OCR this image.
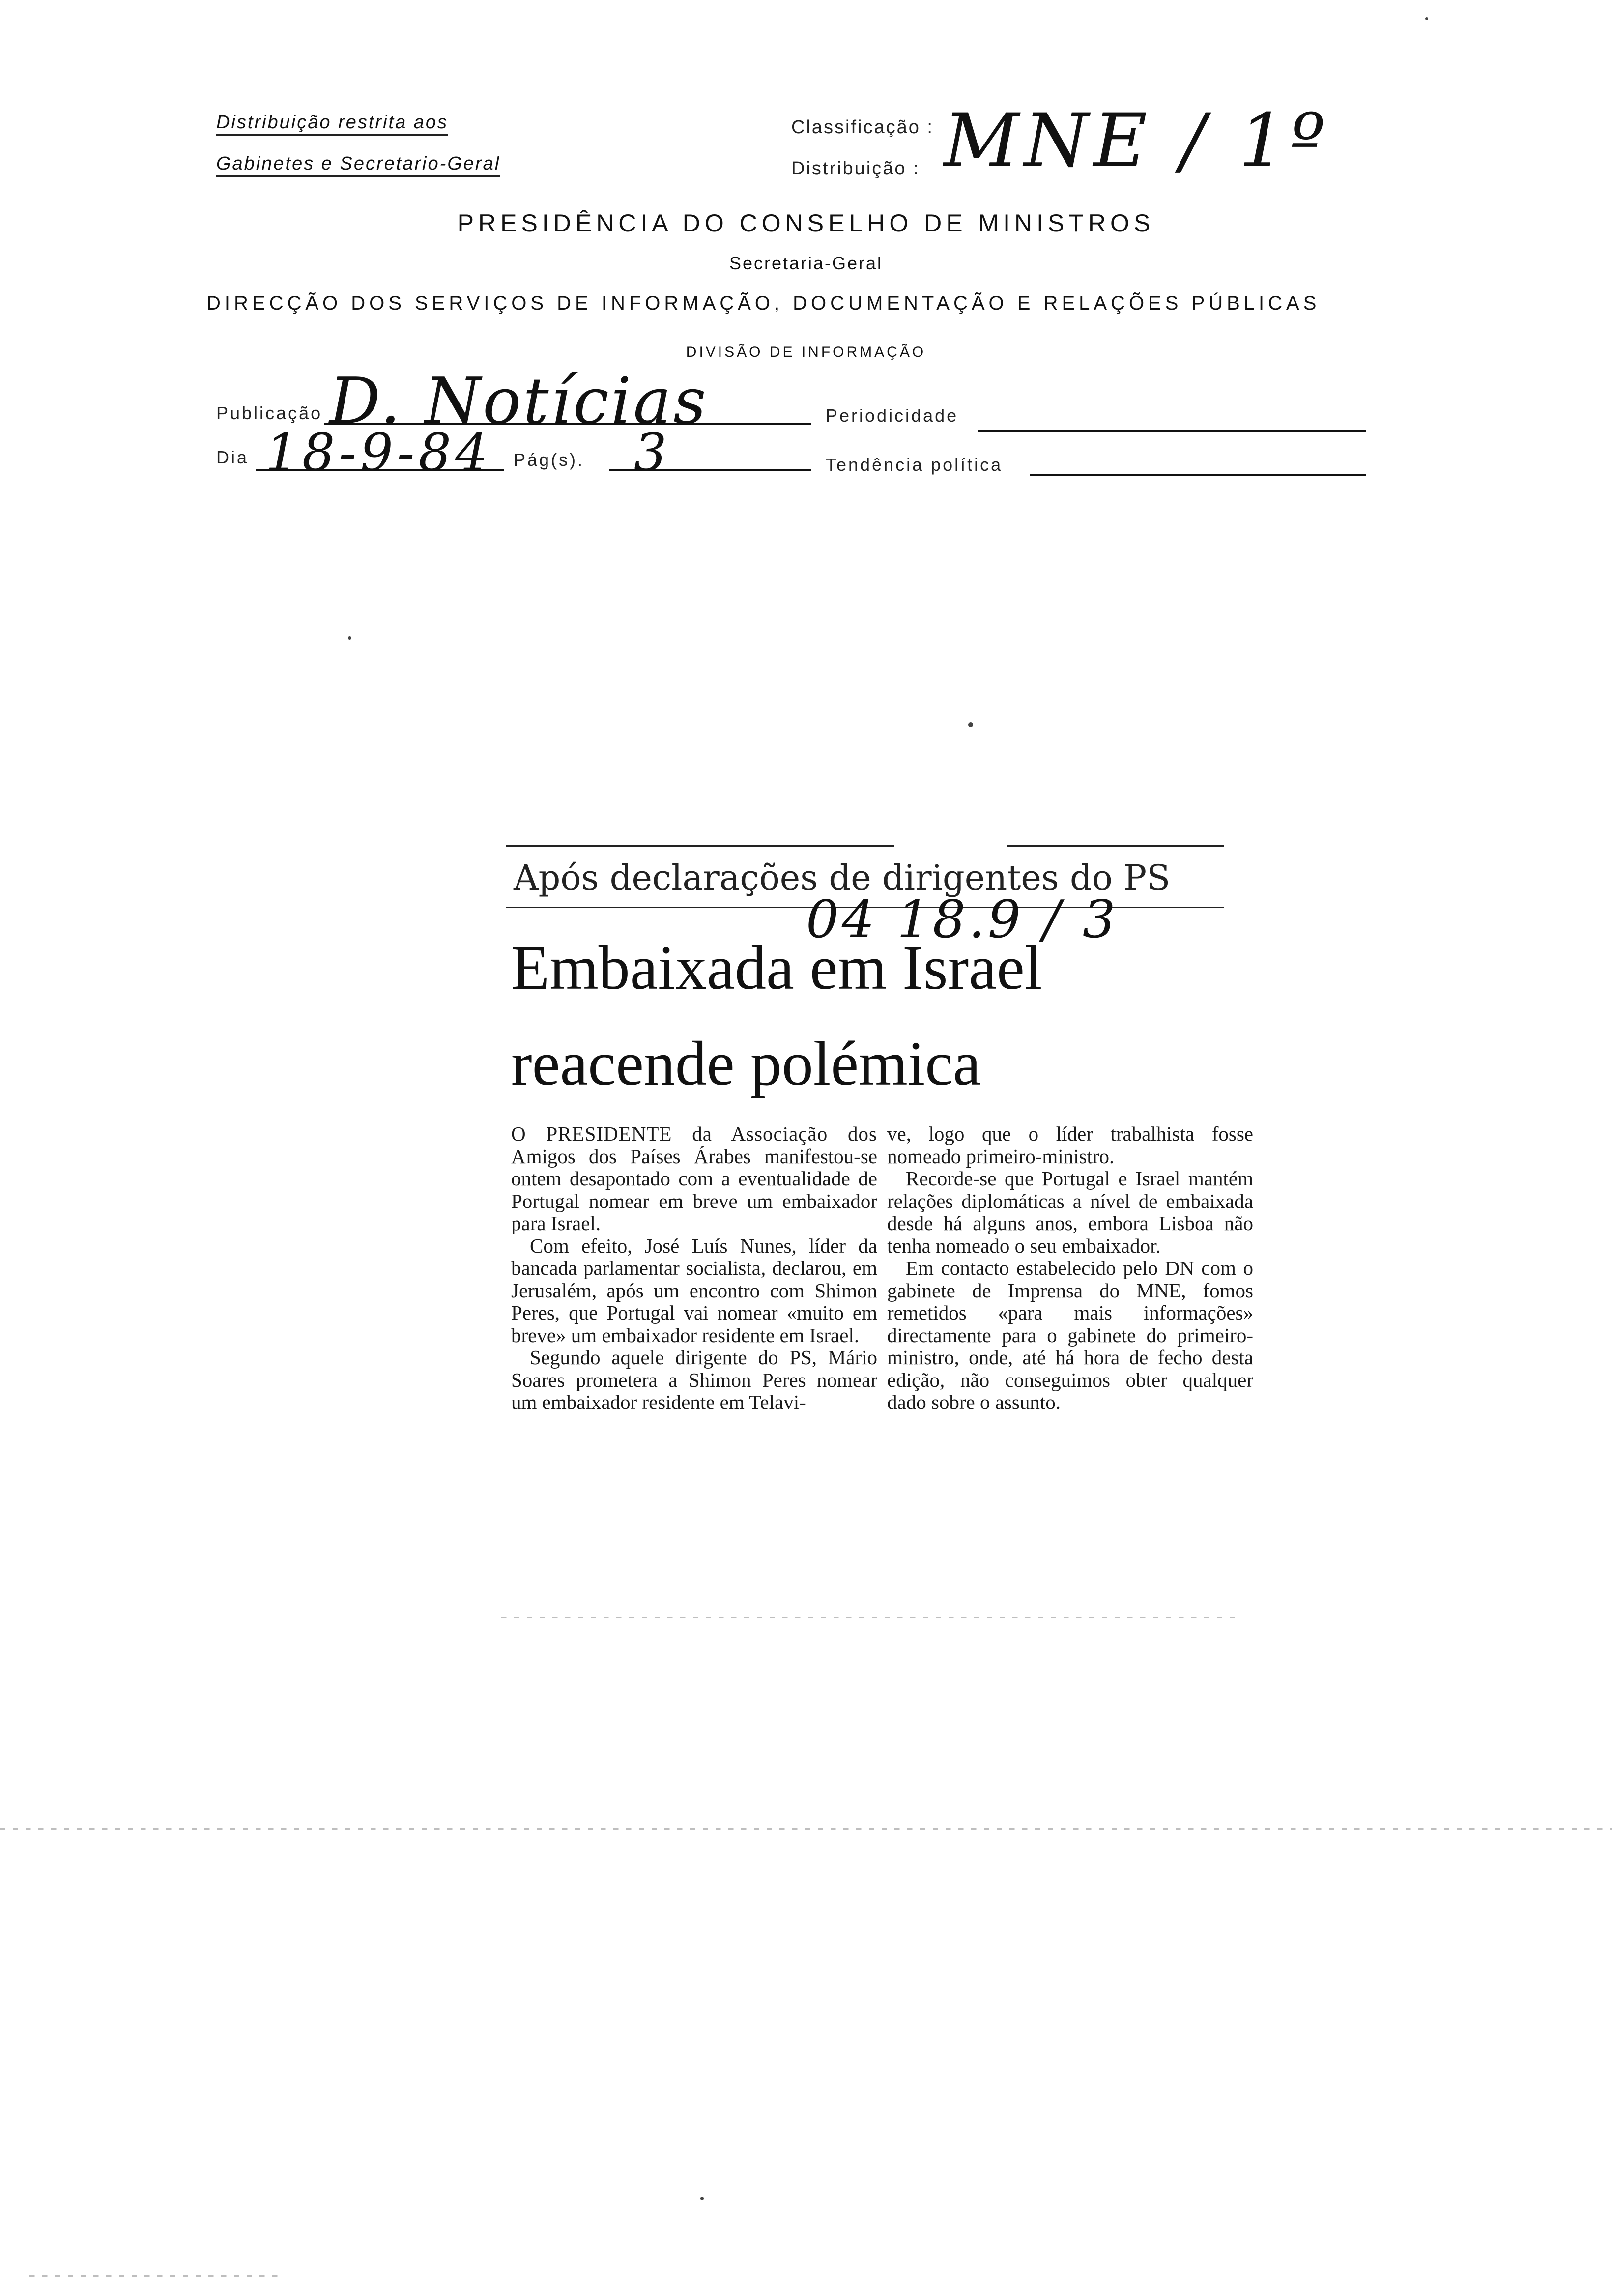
Distribuição restrita aos
Gabinetes e Secretario-Geral
Classificação :
Distribuição : MNE / 1º
PRESIDÊNCIA DO CONSELHO DE MINISTROS
Secretaria-Geral
DIRECÇÃO DOS SERVIÇOS DE INFORMAÇÃO, DOCUMENTAÇÃO E RELAÇÕES PÚBLICAS
DIVISÃO DE INFORMAÇÃO
Publicação D. Notícias	Periodicidade
Dia 18-9-84 Pág(s). 3	Tendência política
Após declarações de dirigentes do PS
04 18.9 / 3
Embaixada em Israel
reacende polémica

O PRESIDENTE da Associação dos Amigos dos Países Árabes manifestou-se ontem desapontado com a eventualidade de Portugal nomear em breve um embaixador para Israel.

Com efeito, José Luís Nunes, líder da bancada parlamentar socialista, declarou, em Jerusalém, após um encontro com Shimon Peres, que Portugal vai nomear «muito em breve» um embaixador residente em Israel.

Segundo aquele dirigente do PS, Mário Soares prometera a Shimon Peres nomear um embaixador residente em Telavi-

ve, logo que o líder trabalhista fosse nomeado primeiro-ministro.

Recorde-se que Portugal e Israel mantém relações diplomáticas a nível de embaixada desde há alguns anos, embora Lisboa não tenha nomeado o seu embaixador.

Em contacto estabelecido pelo DN com o gabinete de Imprensa do MNE, fomos remetidos «para mais informações» directamente para o gabinete do primeiro-ministro, onde, até há hora de fecho desta edição, não conseguimos obter qualquer dado sobre o assunto.
